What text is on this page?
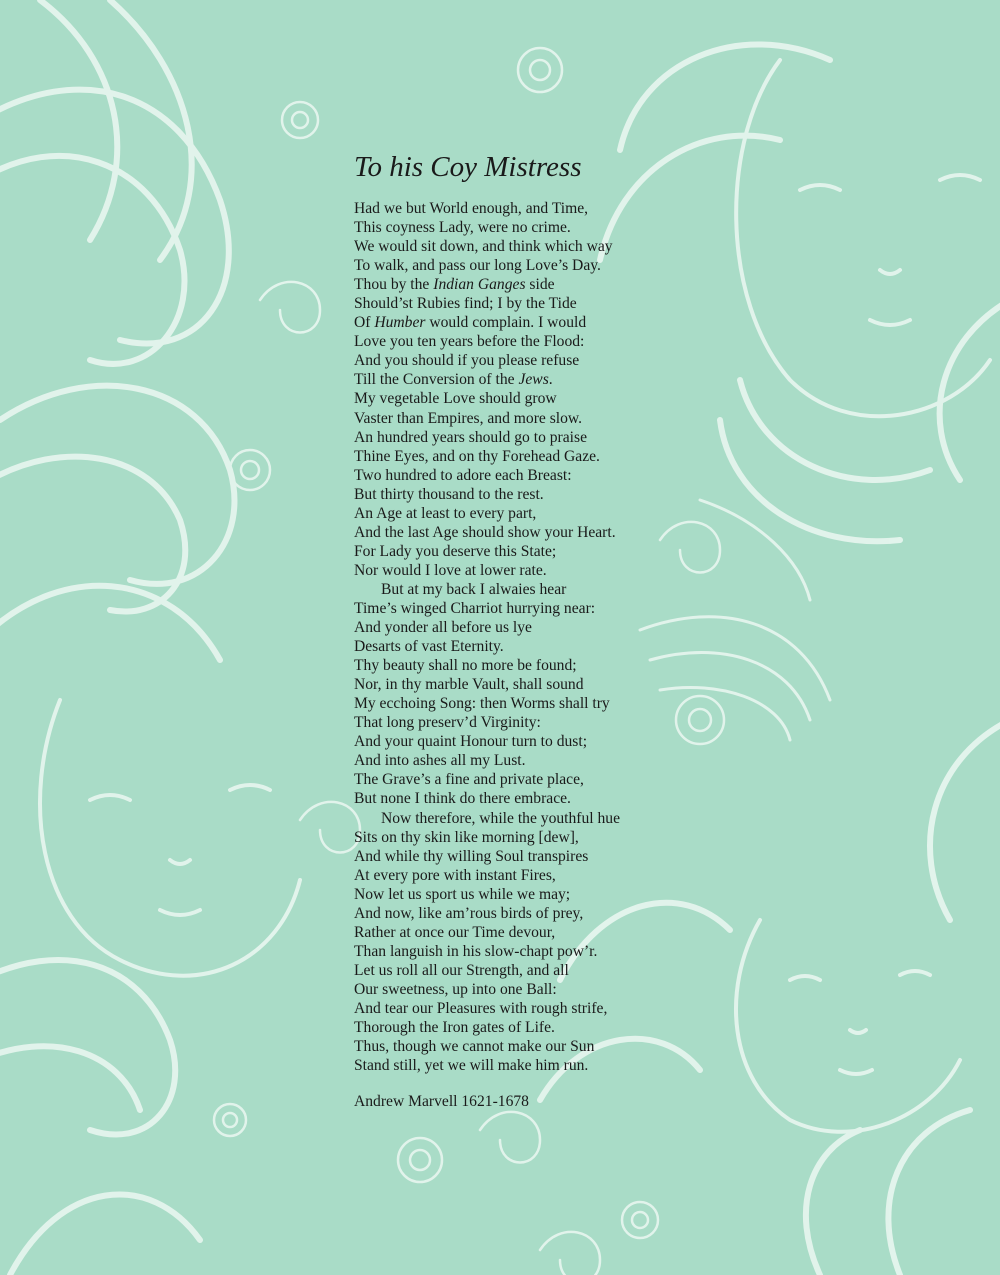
To his Coy Mistress
Had we but World enough, and Time,
This coyness Lady, were no crime.
We would sit down, and think which way
To walk, and pass our long Love’s Day.
Thou by the Indian Ganges side
Should’st Rubies find; I by the Tide
Of Humber would complain. I would
Love you ten years before the Flood:
And you should if you please refuse
Till the Conversion of the Jews.
My vegetable Love should grow
Vaster than Empires, and more slow.
An hundred years should go to praise
Thine Eyes, and on thy Forehead Gaze.
Two hundred to adore each Breast:
But thirty thousand to the rest.
An Age at least to every part,
And the last Age should show your Heart.
For Lady you deserve this State;
Nor would I love at lower rate.
But at my back I alwaies hear
Time’s winged Charriot hurrying near:
And yonder all before us lye
Desarts of vast Eternity.
Thy beauty shall no more be found;
Nor, in thy marble Vault, shall sound
My ecchoing Song: then Worms shall try
That long preserv’d Virginity:
And your quaint Honour turn to dust;
And into ashes all my Lust.
The Grave’s a fine and private place,
But none I think do there embrace.
Now therefore, while the youthful hue
Sits on thy skin like morning [dew],
And while thy willing Soul transpires
At every pore with instant Fires,
Now let us sport us while we may;
And now, like am’rous birds of prey,
Rather at once our Time devour,
Than languish in his slow-chapt pow’r.
Let us roll all our Strength, and all
Our sweetness, up into one Ball:
And tear our Pleasures with rough strife,
Thorough the Iron gates of Life.
Thus, though we cannot make our Sun
Stand still, yet we will make him run.
Andrew Marvell 1621-1678
